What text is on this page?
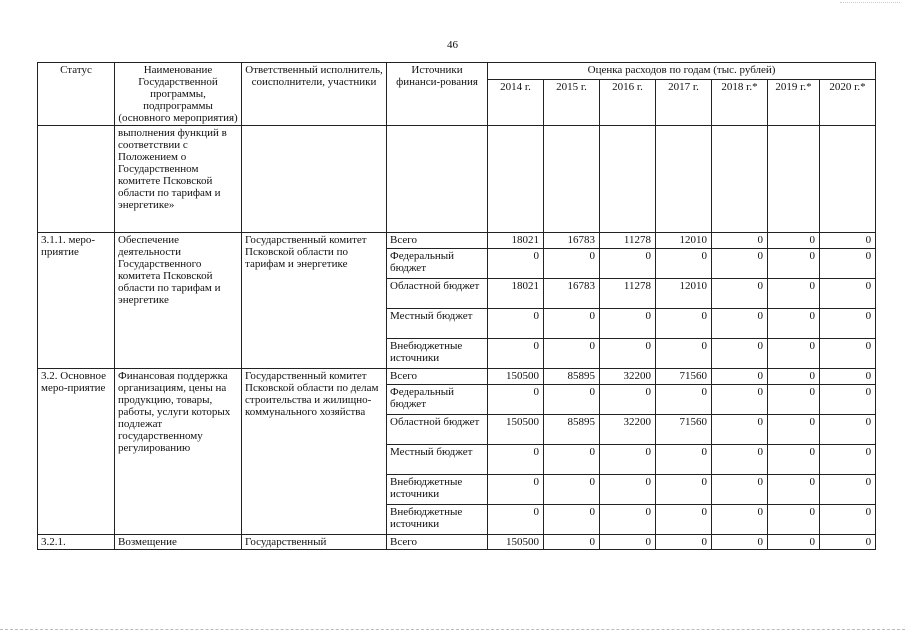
46
Статус	Наименование Государственной программы, подпрограммы (основного мероприятия)	Ответственный исполнитель, соисполнители, участники	Источники финанси-рования	Оценка расходов по годам (тыс. рублей)						
				2014 г.	2015 г.	2016 г.	2017 г.	2018 г.*	2019 г.*	2020 г.*
	выполнения функций в соответствии с Положением о Государственном комитете Псковской области по тарифам и энергетике»									
3.1.1. меро-приятие	Обеспечение деятельности Государственного комитета Псковской области по тарифам и энергетике	Государственный комитет Псковской области по тарифам и энергетике	Всего	18021	16783	11278	12010	0	0	0
			Федеральный бюджет	0	0	0	0	0	0	0
			Областной бюджет	18021	16783	11278	12010	0	0	0
			Местный бюджет	0	0	0	0	0	0	0
			Внебюджетные источники	0	0	0	0	0	0	0
3.2. Основное меро-приятие	Финансовая поддержка организациям, цены на продукцию, товары, работы, услуги которых подлежат государственному регулированию	Государственный комитет Псковской области по делам строительства и жилищно-коммунального хозяйства	Всего	150500	85895	32200	71560	0	0	0
			Федеральный бюджет	0	0	0	0	0	0	0
			Областной бюджет	150500	85895	32200	71560	0	0	0
			Местный бюджет	0	0	0	0	0	0	0
			Внебюджетные источники	0	0	0	0	0	0	0
			Внебюджетные источники	0	0	0	0	0	0	0
3.2.1.	Возмещение	Государственный	Всего	150500	0	0	0	0	0	0
